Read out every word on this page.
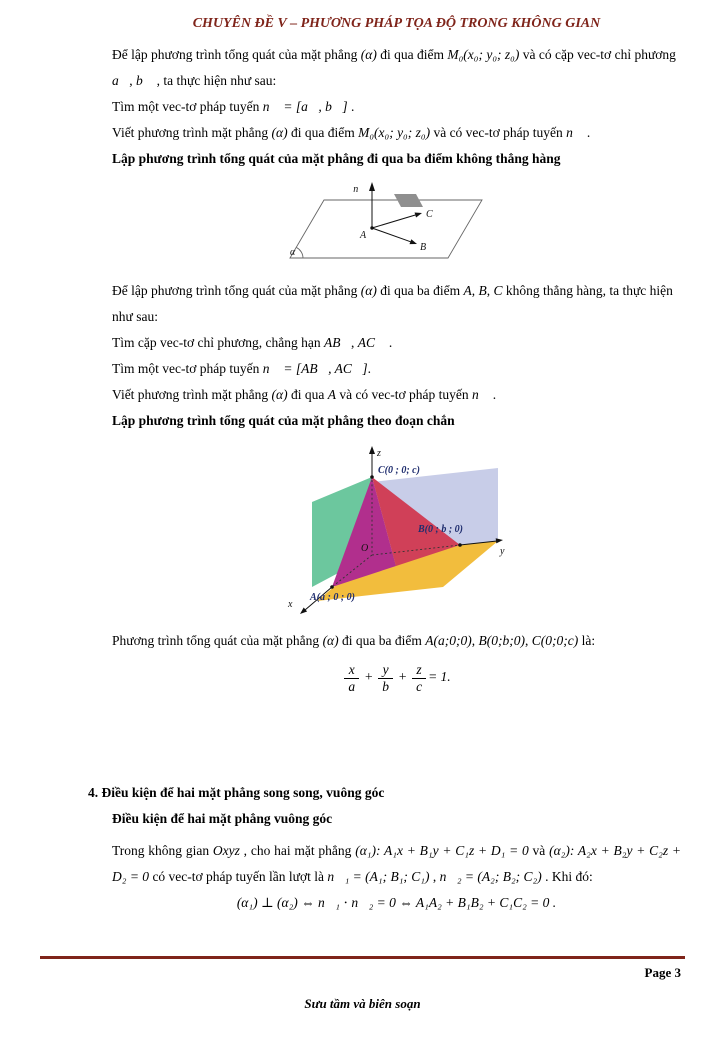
CHUYÊN ĐỀ V – PHƯƠNG PHÁP TỌA ĐỘ TRONG KHÔNG GIAN

Để lập phương trình tổng quát của mặt phẳng (α) đi qua điểm M₀(x₀; y₀; z₀) và có cặp vec-tơ chỉ phương a⃗, b⃗ , ta thực hiện như sau:

Tìm một vec-tơ pháp tuyến n⃗ = [a⃗, b⃗] .

Viết phương trình mặt phẳng (α) đi qua điểm M₀(x₀; y₀; z₀) và có vec-tơ pháp tuyến n⃗ .

Lập phương trình tổng quát của mặt phẳng đi qua ba điểm không thẳng hàng

α
n⃗
A
C
B

Để lập phương trình tổng quát của mặt phẳng (α) đi qua ba điểm A, B, C không thẳng hàng, ta thực hiện như sau:

Tìm cặp vec-tơ chỉ phương, chẳng hạn AB⃗, AC⃗ .

Tìm một vec-tơ pháp tuyến n⃗ = [AB⃗, AC⃗].

Viết phương trình mặt phẳng (α) đi qua A và có vec-tơ pháp tuyến n⃗ .

Lập phương trình tổng quát của mặt phẳng theo đoạn chắn

z
y
x
O
C(0 ; 0; c)
B(0 ; b ; 0)
A(a ; 0 ; 0)

Phương trình tổng quát của mặt phẳng (α) đi qua ba điểm A(a;0;0), B(0;b;0), C(0;0;c) là:

$\frac{x}{a} + \frac{y}{b} + \frac{z}{c} = 1$.
4. Điều kiện để hai mặt phẳng song song, vuông góc
Điều kiện để hai mặt phẳng vuông góc

Trong không gian Oxyz , cho hai mặt phẳng (α₁): A₁x + B₁y + C₁z + D₁ = 0 và (α₂): A₂x + B₂y + C₂z + D₂ = 0 có vec-tơ pháp tuyến lần lượt là n⃗₁ = (A₁; B₁; C₁) , n⃗₂ = (A₂; B₂; C₂) . Khi đó:

(α₁) ⊥ (α₂) ⇔ n⃗₁ ⋅ n⃗₂ = 0 ⇔ A₁A₂ + B₁B₂ + C₁C₂ = 0 .
Page 3
Sưu tầm và biên soạn
